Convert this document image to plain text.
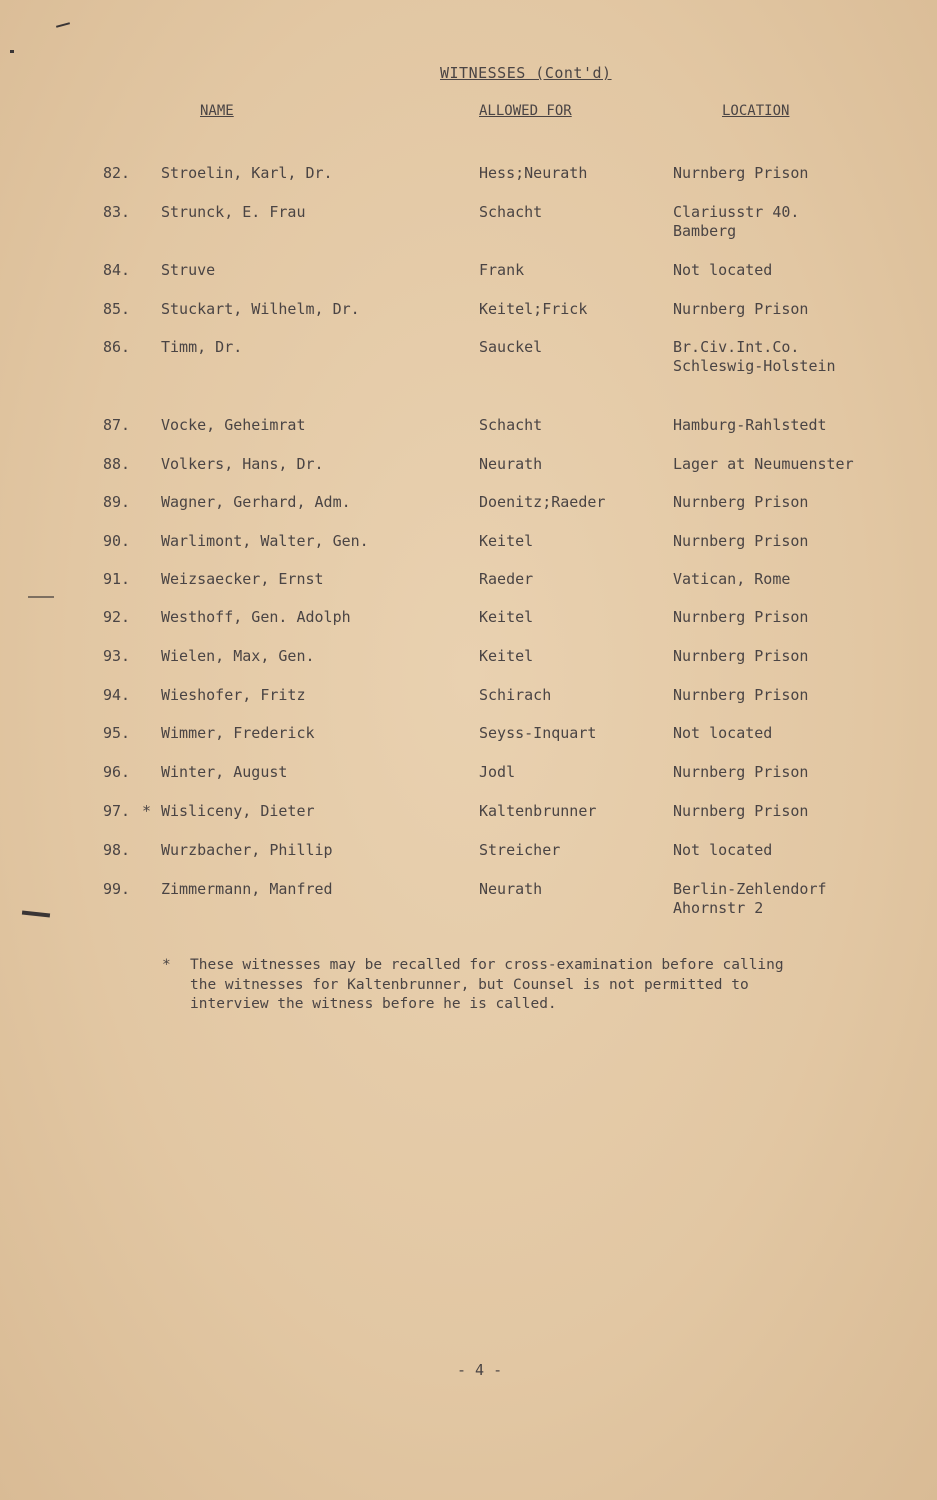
WITNESSES (Cont'd)
NAME	ALLOWED FOR	LOCATION
82. Stroelin, Karl, Dr.	Hess;Neurath	Nurnberg Prison
83. Strunck, E. Frau	Schacht	Clariusstr 40.
Bamberg
84. Struve	Frank	Not located
85. Stuckart, Wilhelm, Dr.	Keitel;Frick	Nurnberg Prison
86. Timm, Dr.	Sauckel	Br.Civ.Int.Co.
Schleswig-Holstein
87. Vocke, Geheimrat	Schacht	Hamburg-Rahlstedt
88. Volkers, Hans, Dr.	Neurath	Lager at Neumuenster
89. Wagner, Gerhard, Adm.	Doenitz;Raeder	Nurnberg Prison
90. Warlimont, Walter, Gen.	Keitel	Nurnberg Prison
91. Weizsaecker, Ernst	Raeder	Vatican, Rome
92. Westhoff, Gen. Adolph	Keitel	Nurnberg Prison
93. Wielen, Max, Gen.	Keitel	Nurnberg Prison
94. Wieshofer, Fritz	Schirach	Nurnberg Prison
95. Wimmer, Frederick	Seyss-Inquart	Not located
96. Winter, August	Jodl	Nurnberg Prison
97. * Wisliceny, Dieter	Kaltenbrunner	Nurnberg Prison
98. Wurzbacher, Phillip	Streicher	Not located
99. Zimmermann, Manfred	Neurath	Berlin-Zehlendorf
Ahornstr 2
* These witnesses may be recalled for cross-examination before calling
the witnesses for Kaltenbrunner, but Counsel is not permitted to
interview the witness before he is called.
- 4 -
